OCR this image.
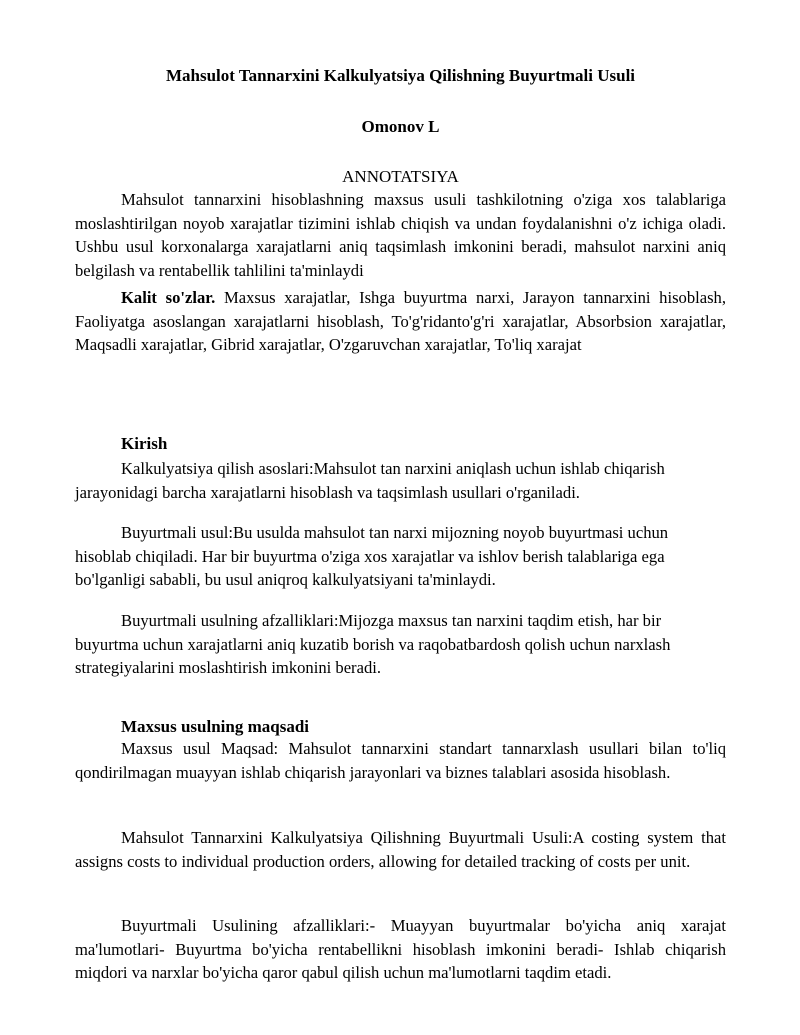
Mahsulot Tannarxini Kalkulyatsiya Qilishning Buyurtmali Usuli
Omonov L
ANNOTATSIYA

Mahsulot tannarxini hisoblashning maxsus usuli tashkilotning o'ziga xos talablariga moslashtirilgan noyob xarajatlar tizimini ishlab chiqish va undan foydalanishni o'z ichiga oladi. Ushbu usul korxonalarga xarajatlarni aniq taqsimlash imkonini beradi, mahsulot narxini aniq belgilash va rentabellik tahlilini ta'minlaydi

Kalit so'zlar. Maxsus xarajatlar, Ishga buyurtma narxi, Jarayon tannarxini hisoblash, Faoliyatga asoslangan xarajatlarni hisoblash, To'g'ridanto'g'ri xarajatlar, Absorbsion xarajatlar, Maqsadli xarajatlar, Gibrid xarajatlar, O'zgaruvchan xarajatlar, To'liq xarajat

Kirish

Kalkulyatsiya qilish asoslari:Mahsulot tan narxini aniqlash uchun ishlab chiqarish jarayonidagi barcha xarajatlarni hisoblash va taqsimlash usullari o'rganiladi.

Buyurtmali usul:Bu usulda mahsulot tan narxi mijozning noyob buyurtmasi uchun hisoblab chiqiladi. Har bir buyurtma o'ziga xos xarajatlar va ishlov berish talablariga ega bo'lganligi sababli, bu usul aniqroq kalkulyatsiyani ta'minlaydi.

Buyurtmali usulning afzalliklari:Mijozga maxsus tan narxini taqdim etish, har bir buyurtma uchun xarajatlarni aniq kuzatib borish va raqobatbardosh qolish uchun narxlash strategiyalarini moslashtirish imkonini beradi.

Maxsus usulning maqsadi

Maxsus usul Maqsad: Mahsulot tannarxini standart tannarxlash usullari bilan to'liq qondirilmagan muayyan ishlab chiqarish jarayonlari va biznes talablari asosida hisoblash.

Mahsulot Tannarxini Kalkulyatsiya Qilishning Buyurtmali Usuli:A costing system that assigns costs to individual production orders, allowing for detailed tracking of costs per unit.

Buyurtmali Usulining afzalliklari:- Muayyan buyurtmalar bo'yicha aniq xarajat ma'lumotlari- Buyurtma bo'yicha rentabellikni hisoblash imkonini beradi- Ishlab chiqarish miqdori va narxlar bo'yicha qaror qabul qilish uchun ma'lumotlarni taqdim etadi.
